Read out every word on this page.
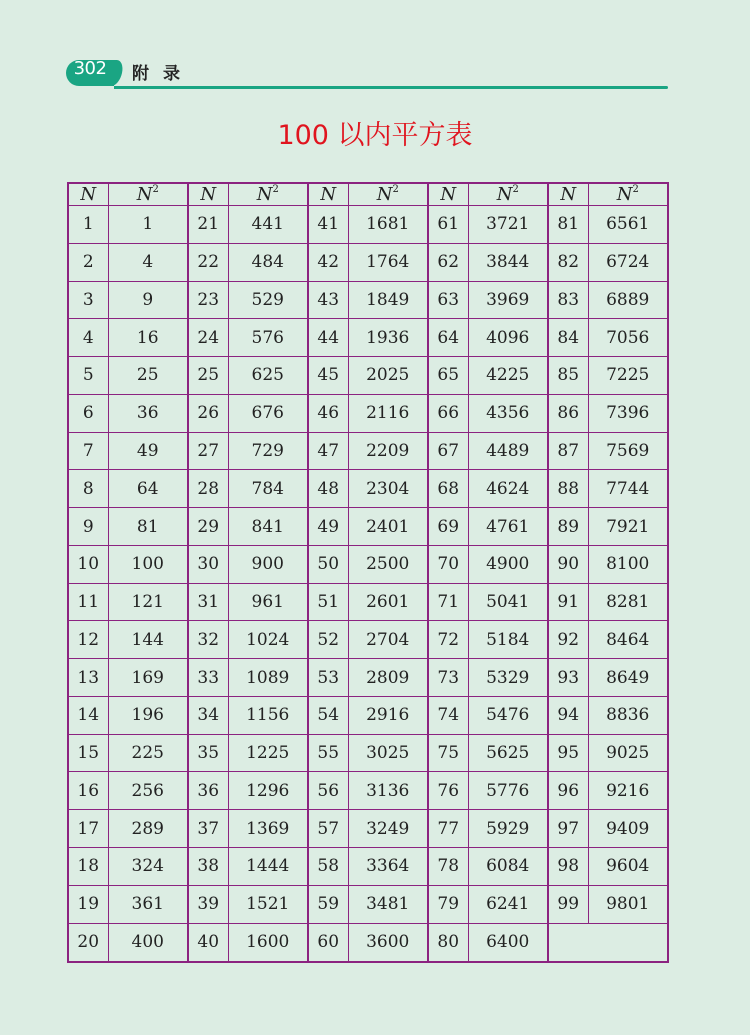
302	附录
100 以内平方表
N	$N^2$	N	$N^2$	N	$N^2$	N	$N^2$	N	$N^2$
1	1	21	441	41	1681	61	3721	81	6561
2	4	22	484	42	1764	62	3844	82	6724
3	9	23	529	43	1849	63	3969	83	6889
4	16	24	576	44	1936	64	4096	84	7056
5	25	25	625	45	2025	65	4225	85	7225
6	36	26	676	46	2116	66	4356	86	7396
7	49	27	729	47	2209	67	4489	87	7569
8	64	28	784	48	2304	68	4624	88	7744
9	81	29	841	49	2401	69	4761	89	7921
10	100	30	900	50	2500	70	4900	90	8100
11	121	31	961	51	2601	71	5041	91	8281
12	144	32	1024	52	2704	72	5184	92	8464
13	169	33	1089	53	2809	73	5329	93	8649
14	196	34	1156	54	2916	74	5476	94	8836
15	225	35	1225	55	3025	75	5625	95	9025
16	256	36	1296	56	3136	76	5776	96	9216
17	289	37	1369	57	3249	77	5929	97	9409
18	324	38	1444	58	3364	78	6084	98	9604
19	361	39	1521	59	3481	79	6241	99	9801
20	400	40	1600	60	3600	80	6400		
